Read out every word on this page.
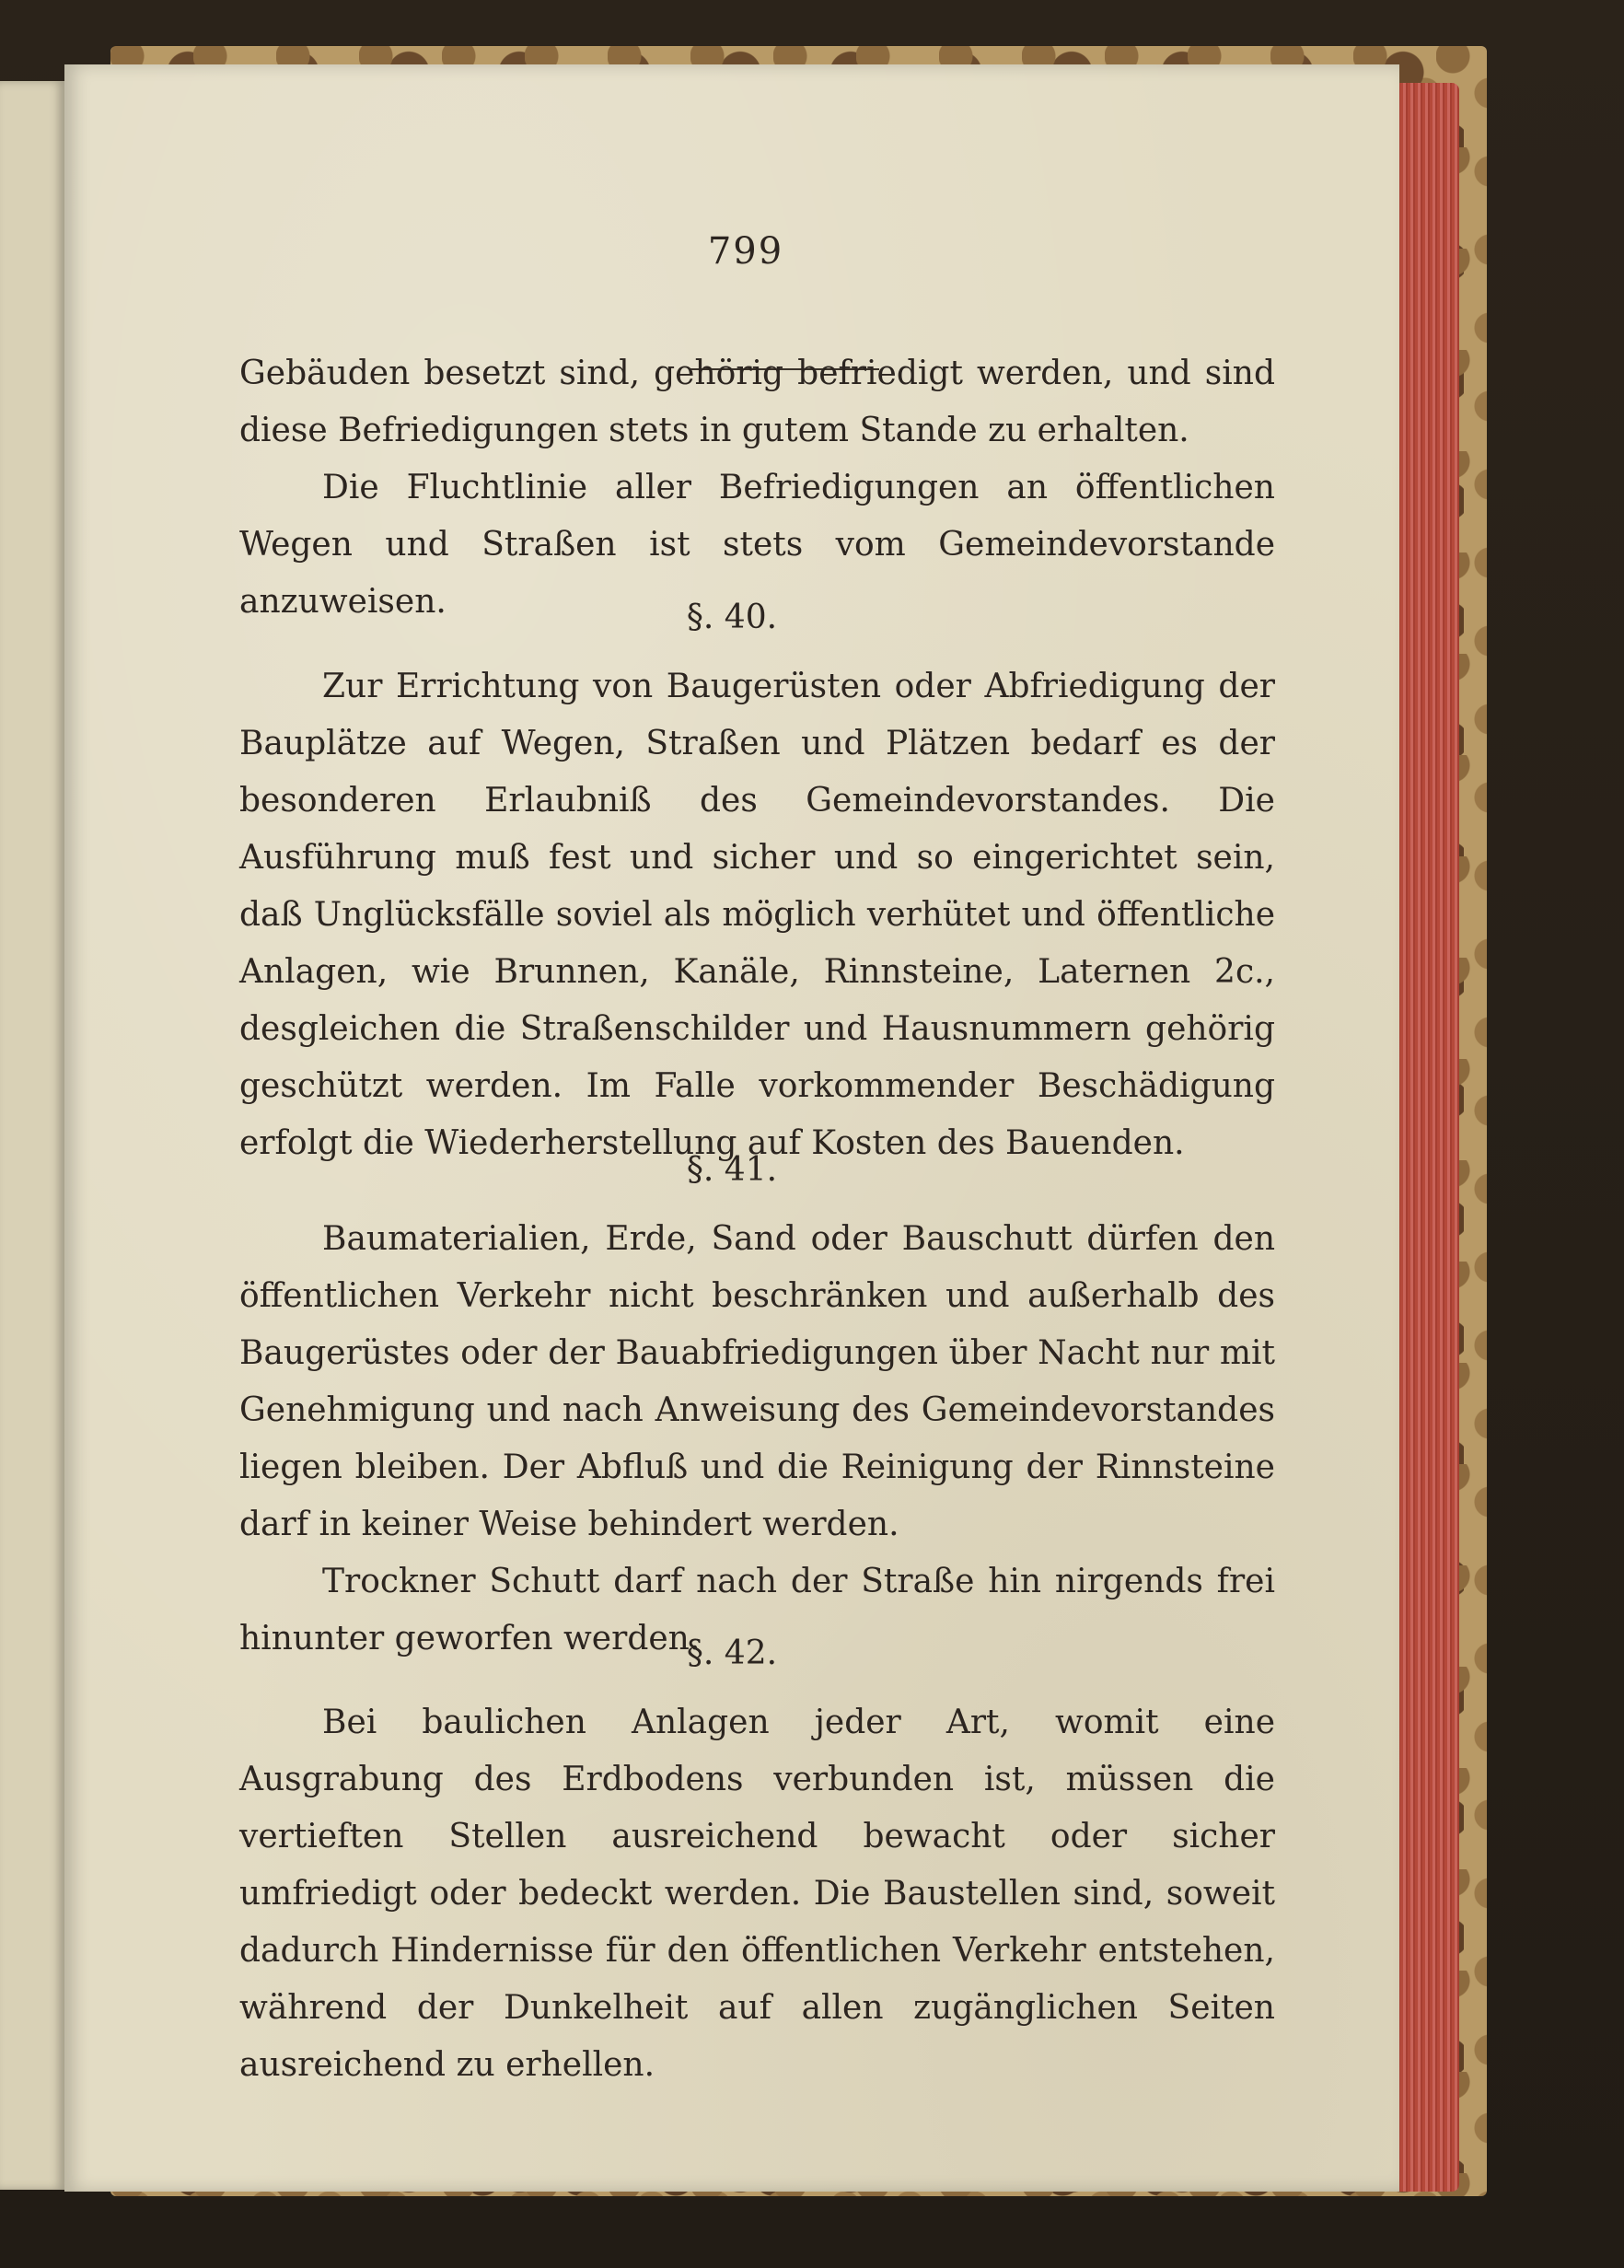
799

Gebäuden besetzt sind, gehörig befriedigt werden, und sind diese Befriedigungen stets in gutem Stande zu erhalten.

Die Fluchtlinie aller Befriedigungen an öffentlichen Wegen und Straßen ist stets vom Gemeindevorstande anzuweisen.	§. 40.

Zur Errichtung von Baugerüsten oder Abfriedigung der Bauplätze auf Wegen, Straßen und Plätzen bedarf es der besonderen Erlaubniß des Gemeindevorstandes. Die Ausführung muß fest und sicher und so eingerichtet sein, daß Unglücksfälle soviel als möglich verhütet und öffentliche Anlagen, wie Brunnen, Kanäle, Rinnsteine, Laternen 2c., desgleichen die Straßenschilder und Hausnummern gehörig geschützt werden. Im Falle vorkommender Beschädigung erfolgt die Wiederherstellung auf Kosten des Bauenden.

§. 41.

Baumaterialien, Erde, Sand oder Bauschutt dürfen den öffentlichen Verkehr nicht beschränken und außerhalb des Baugerüstes oder der Bauabfriedigungen über Nacht nur mit Genehmigung und nach Anweisung des Gemeindevorstandes liegen bleiben. Der Abfluß und die Reinigung der Rinnsteine darf in keiner Weise behindert werden.

Trockner Schutt darf nach der Straße hin nirgends frei hinunter geworfen werden.

§. 42.

Bei baulichen Anlagen jeder Art, womit eine Ausgrabung des Erdbodens verbunden ist, müssen die vertieften Stellen ausreichend bewacht oder sicher umfriedigt oder bedeckt werden. Die Baustellen sind, soweit dadurch Hindernisse für den öffentlichen Verkehr entstehen, während der Dunkelheit auf allen zugänglichen Seiten ausreichend zu erhellen.
